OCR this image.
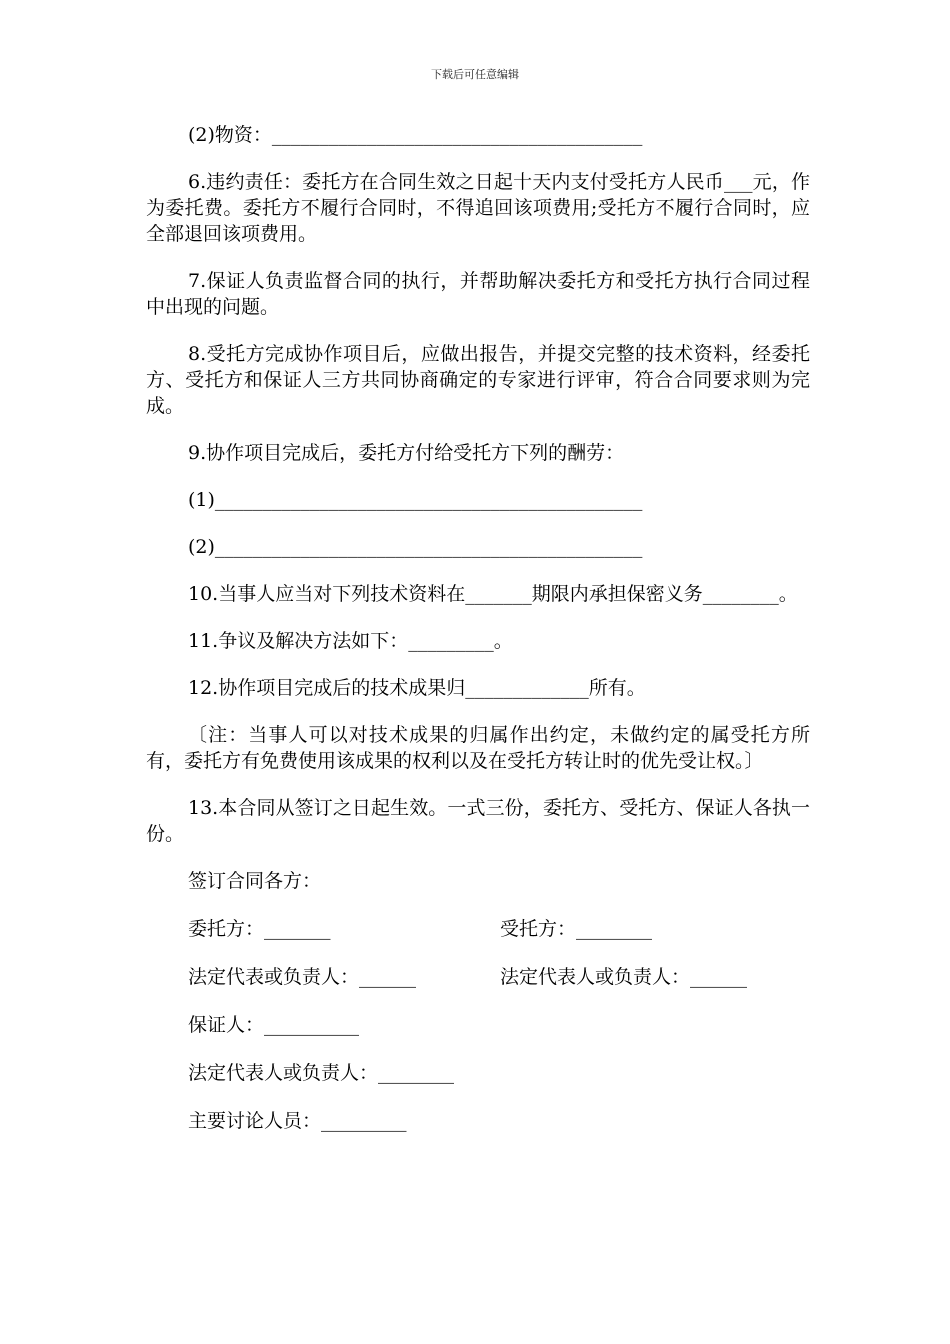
下载后可任意编辑

(2)物资：_______________________________________

6.违约责任：委托方在合同生效之日起十天内支付受托方人民币___元，作为委托费。委托方不履行合同时，不得追回该项费用;受托方不履行合同时，应全部退回该项费用。

7.保证人负责监督合同的执行，并帮助解决委托方和受托方执行合同过程中出现的问题。

8.受托方完成协作项目后，应做出报告，并提交完整的技术资料，经委托方、受托方和保证人三方共同协商确定的专家进行评审，符合合同要求则为完成。

9.协作项目完成后，委托方付给受托方下列的酬劳：

(1)_____________________________________________

(2)_____________________________________________

10.当事人应当对下列技术资料在_______期限内承担保密义务________。

11.争议及解决方法如下：_________。

12.协作项目完成后的技术成果归_____________所有。

〔注：当事人可以对技术成果的归属作出约定，未做约定的属受托方所有，委托方有免费使用该成果的权利以及在受托方转让时的优先受让权。〕

13.本合同从签订之日起生效。一式三份，委托方、受托方、保证人各执一份。

签订合同各方：

委托方：_______	受托方：________
法定代表或负责人：______	法定代表人或负责人：______

保证人：__________

法定代表人或负责人：________

主要讨论人员：_________
